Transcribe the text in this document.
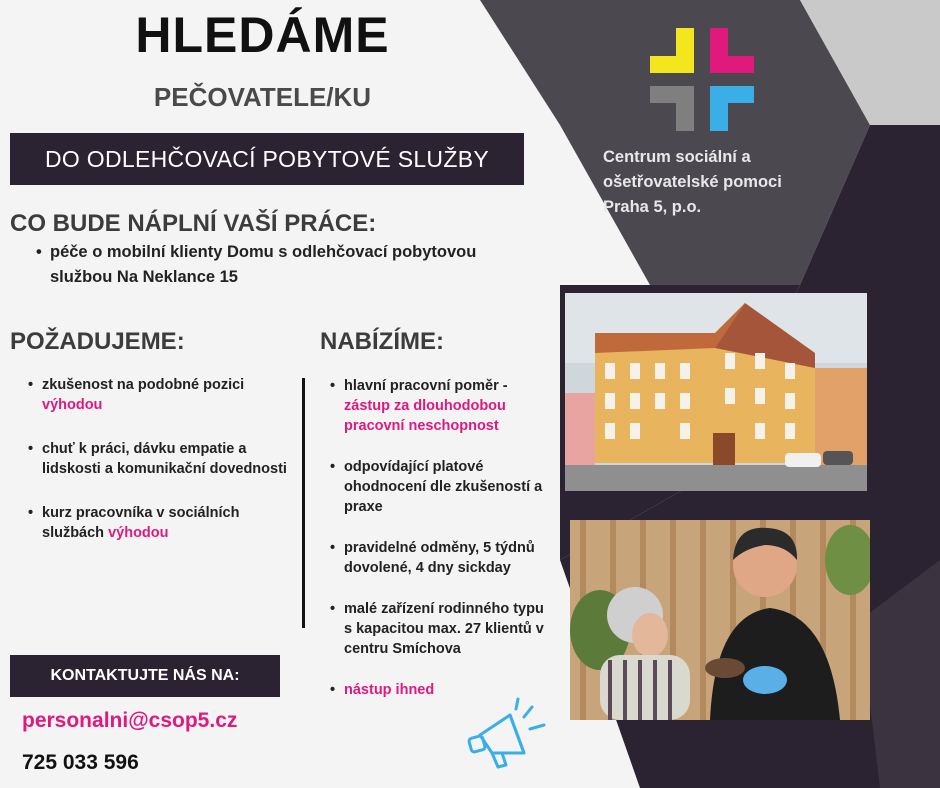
HLEDÁME
PEČOVATELE/KU
DO ODLEHČOVACÍ POBYTOVÉ SLUŽBY
CO BUDE NÁPLNÍ VAŠÍ PRÁCE:
• péče o mobilní klienty Domu s odlehčovací pobytovou službou Na Neklance 15
POŽADUJEME:
• zkušenost na podobné pozici výhodou
• chuť k práci, dávku empatie a lidskosti a komunikační dovednosti
• kurz pracovníka v sociálních službách výhodou
NABÍZÍME:
• hlavní pracovní poměr - zástup za dlouhodobou pracovní neschopnost
• odpovídající platové ohodnocení dle zkušeností a praxe
• pravidelné odměny, 5 týdnů dovolené, 4 dny sickday
• malé zařízení rodinného typu s kapacitou max. 27 klientů v centru Smíchova
• nástup ihned
Centrum sociální a
ošetřovatelské pomoci
Praha 5, p.o.
KONTAKTUJTE NÁS NA:
personalni@csop5.cz
725 033 596
